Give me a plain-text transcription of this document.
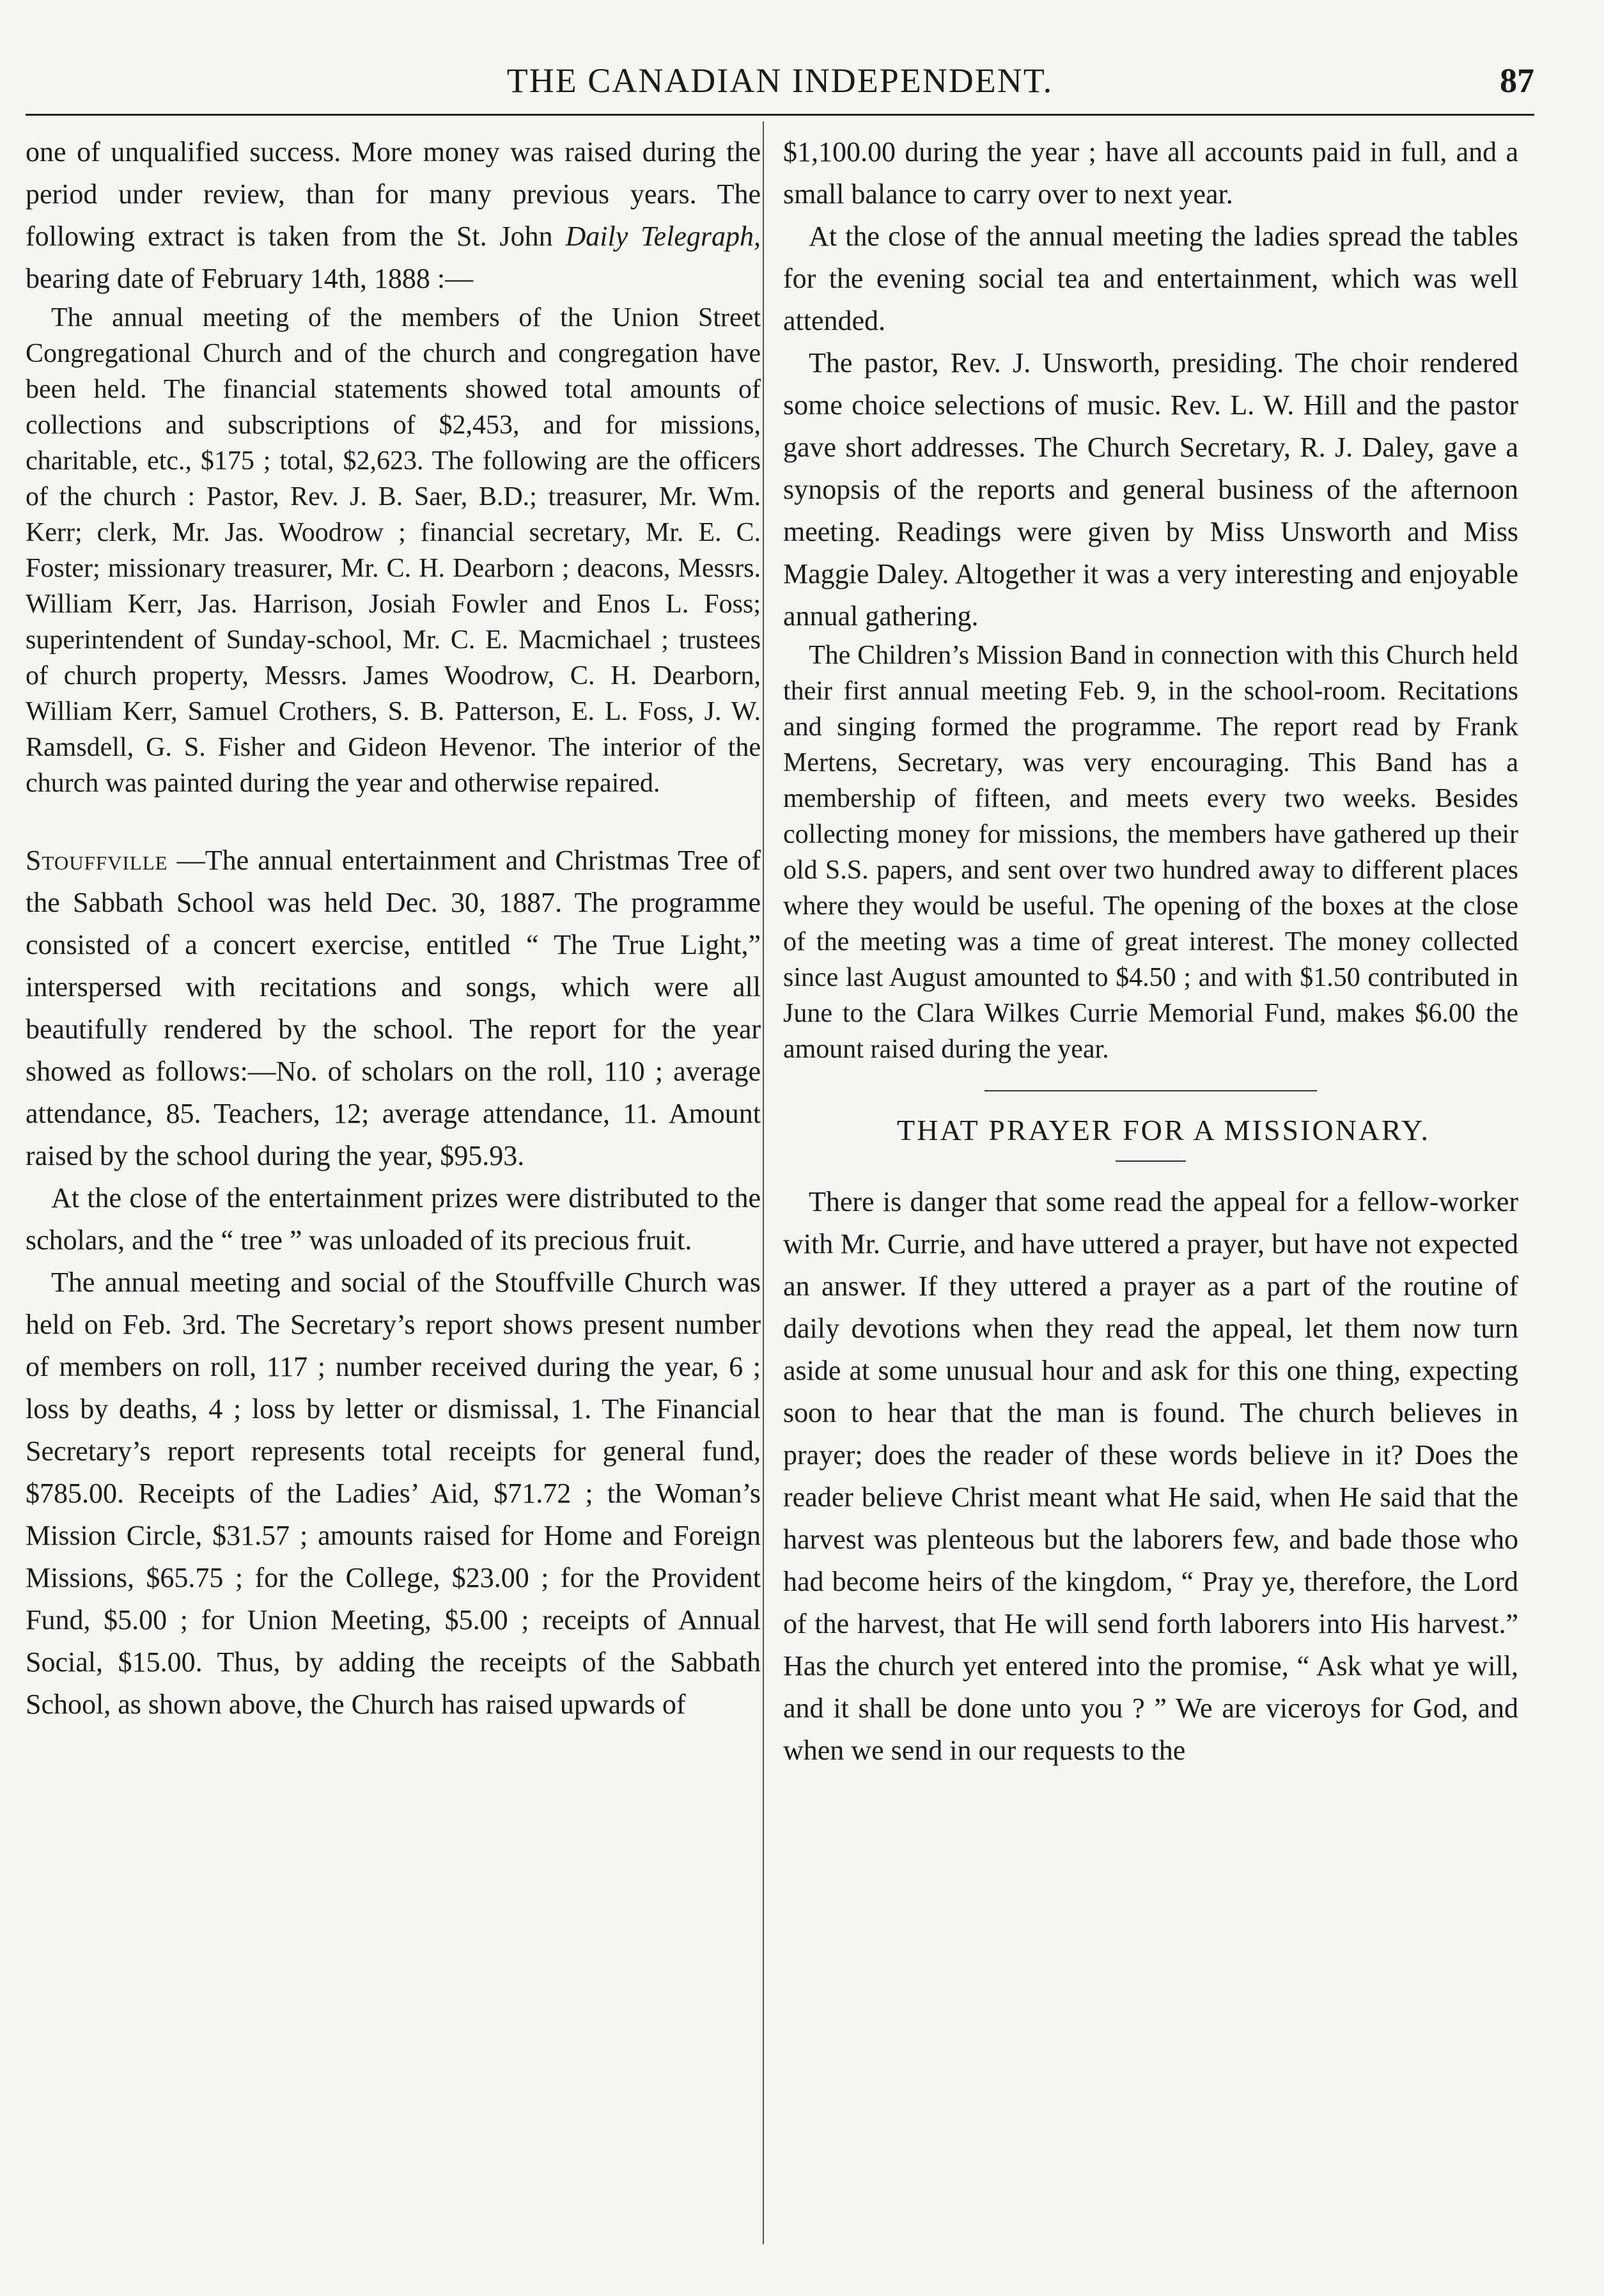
THE CANADIAN INDEPENDENT.	87

one of unqualified success. More money was raised during the period under review, than for many previous years. The following extract is taken from the St. John Daily Telegraph, bearing date of February 14th, 1888 :—

The annual meeting of the members of the Union Street Congregational Church and of the church and congregation have been held. The financial statements showed total amounts of collections and subscriptions of $2,453, and for missions, charitable, etc., $175 ; total, $2,623. The following are the officers of the church : Pastor, Rev. J. B. Saer, B.D.; treasurer, Mr. Wm. Kerr; clerk, Mr. Jas. Woodrow ; financial secretary, Mr. E. C. Foster; missionary treasurer, Mr. C. H. Dearborn ; deacons, Messrs. William Kerr, Jas. Harrison, Josiah Fowler and Enos L. Foss; superintendent of Sunday-school, Mr. C. E. Macmichael ; trustees of church property, Messrs. James Woodrow, C. H. Dearborn, William Kerr, Samuel Crothers, S. B. Patterson, E. L. Foss, J. W. Ramsdell, G. S. Fisher and Gideon Hevenor. The interior of the church was painted during the year and otherwise repaired.

Stouffville —The annual entertainment and Christmas Tree of the Sabbath School was held Dec. 30, 1887. The programme consisted of a concert exercise, entitled “ The True Light,” interspersed with recitations and songs, which were all beautifully rendered by the school. The report for the year showed as follows:—No. of scholars on the roll, 110 ; average attendance, 85. Teachers, 12; average attendance, 11. Amount raised by the school during the year, $95.93.

At the close of the entertainment prizes were distributed to the scholars, and the “ tree ” was unloaded of its precious fruit.

The annual meeting and social of the Stouffville Church was held on Feb. 3rd. The Secretary’s report shows present number of members on roll, 117 ; number received during the year, 6 ; loss by deaths, 4 ; loss by letter or dismissal, 1. The Financial Secretary’s report represents total receipts for general fund, $785.00. Receipts of the Ladies’ Aid, $71.72 ; the Woman’s Mission Circle, $31.57 ; amounts raised for Home and Foreign Missions, $65.75 ; for the College, $23.00 ; for the Provident Fund, $5.00 ; for Union Meeting, $5.00 ; receipts of Annual Social, $15.00. Thus, by adding the receipts of the Sabbath School, as shown above, the Church has raised upwards of

$1,100.00 during the year ; have all accounts paid in full, and a small balance to carry over to next year.

At the close of the annual meeting the ladies spread the tables for the evening social tea and entertainment, which was well attended.

The pastor, Rev. J. Unsworth, presiding. The choir rendered some choice selections of music. Rev. L. W. Hill and the pastor gave short addresses. The Church Secretary, R. J. Daley, gave a synopsis of the reports and general business of the afternoon meeting. Readings were given by Miss Unsworth and Miss Maggie Daley. Altogether it was a very interesting and enjoyable annual gathering.

The Children’s Mission Band in connection with this Church held their first annual meeting Feb. 9, in the school-room. Recitations and singing formed the programme. The report read by Frank Mertens, Secretary, was very encouraging. This Band has a membership of fifteen, and meets every two weeks. Besides collecting money for missions, the members have gathered up their old S.S. papers, and sent over two hundred away to different places where they would be useful. The opening of the boxes at the close of the meeting was a time of great interest. The money collected since last August amounted to $4.50 ; and with $1.50 contributed in June to the Clara Wilkes Currie Memorial Fund, makes $6.00 the amount raised during the year.

THAT PRAYER FOR A MISSIONARY.

There is danger that some read the appeal for a fellow-worker with Mr. Currie, and have uttered a prayer, but have not expected an answer. If they uttered a prayer as a part of the routine of daily devotions when they read the appeal, let them now turn aside at some unusual hour and ask for this one thing, expecting soon to hear that the man is found. The church believes in prayer; does the reader of these words believe in it? Does the reader believe Christ meant what He said, when He said that the harvest was plenteous but the laborers few, and bade those who had become heirs of the kingdom, “ Pray ye, therefore, the Lord of the harvest, that He will send forth laborers into His harvest.” Has the church yet entered into the promise, “ Ask what ye will, and it shall be done unto you ? ” We are viceroys for God, and when we send in our requests to the
